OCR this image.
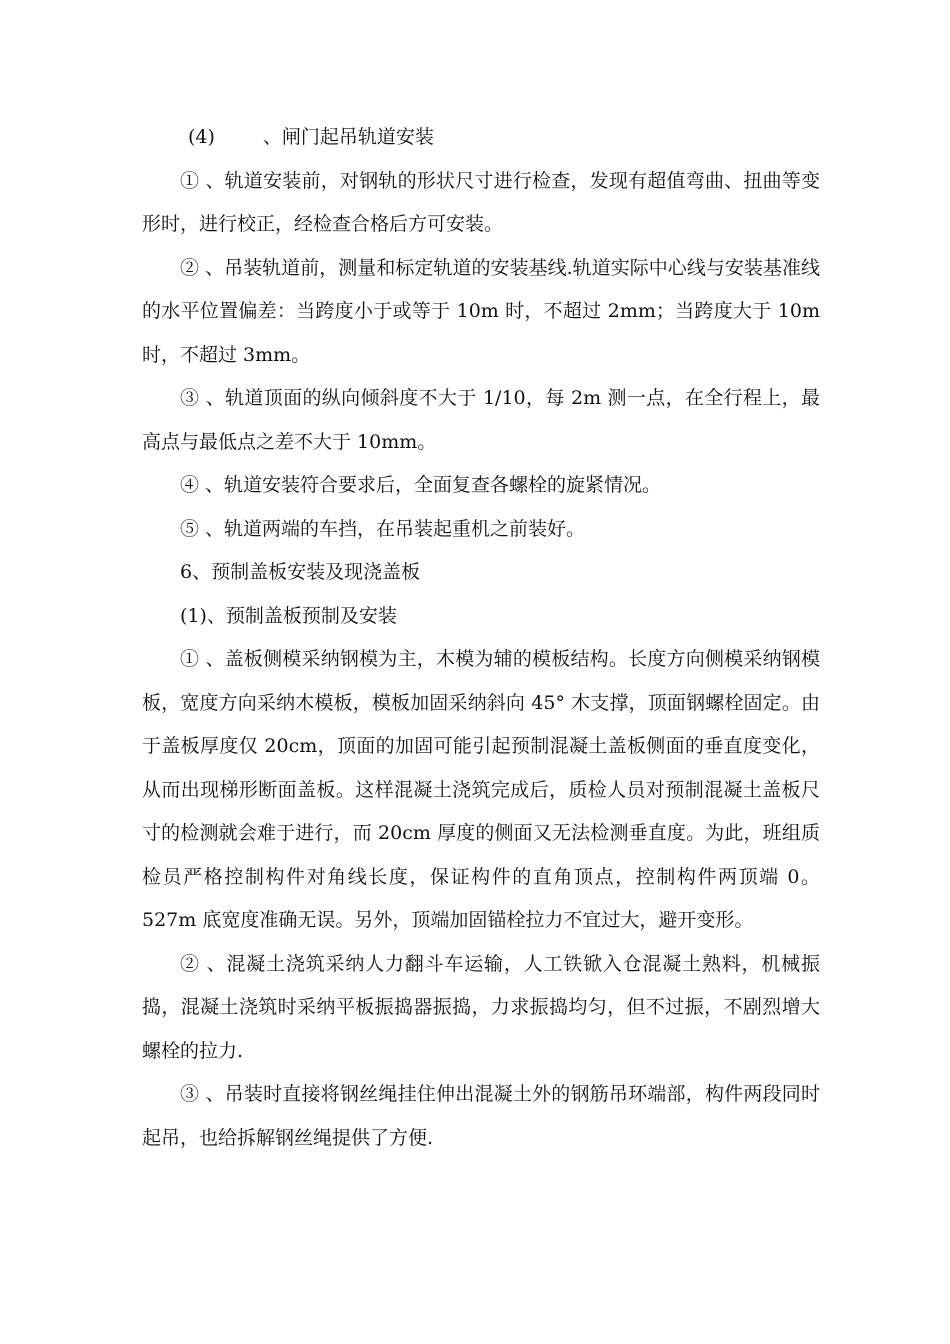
(4)	、闸门起吊轨道安装

① 、轨道安装前，对钢轨的形状尺寸进行检查，发现有超值弯曲、扭曲等变形时，进行校正，经检查合格后方可安装。

② 、吊装轨道前，测量和标定轨道的安装基线.轨道实际中心线与安装基准线的水平位置偏差：当跨度小于或等于 10m 时，不超过 2mm；当跨度大于 10m 时，不超过 3mm。

③ 、轨道顶面的纵向倾斜度不大于 1/10，每 2m 测一点，在全行程上，最高点与最低点之差不大于 10mm。

④ 、轨道安装符合要求后，全面复查各螺栓的旋紧情况。

⑤ 、轨道两端的车挡，在吊装起重机之前装好。

6、预制盖板安装及现浇盖板

(1)、预制盖板预制及安装

① 、盖板侧模采纳钢模为主，木模为辅的模板结构。长度方向侧模采纳钢模板，宽度方向采纳木模板，模板加固采纳斜向 45° 木支撑，顶面钢螺栓固定。由于盖板厚度仅 20cm，顶面的加固可能引起预制混凝土盖板侧面的垂直度变化，从而出现梯形断面盖板。这样混凝土浇筑完成后，质检人员对预制混凝土盖板尺寸的检测就会难于进行，而 20cm 厚度的侧面又无法检测垂直度。为此，班组质检员严格控制构件对角线长度，保证构件的直角顶点，控制构件两顶端 0。527m 底宽度准确无误。另外，顶端加固锚栓拉力不宜过大，避开变形。

② 、混凝土浇筑采纳人力翻斗车运输，人工铁锨入仓混凝土熟料，机械振捣，混凝土浇筑时采纳平板振捣器振捣，力求振捣均匀，但不过振，不剧烈增大螺栓的拉力.

③ 、吊装时直接将钢丝绳挂住伸出混凝土外的钢筋吊环端部，构件两段同时起吊，也给拆解钢丝绳提供了方便.
